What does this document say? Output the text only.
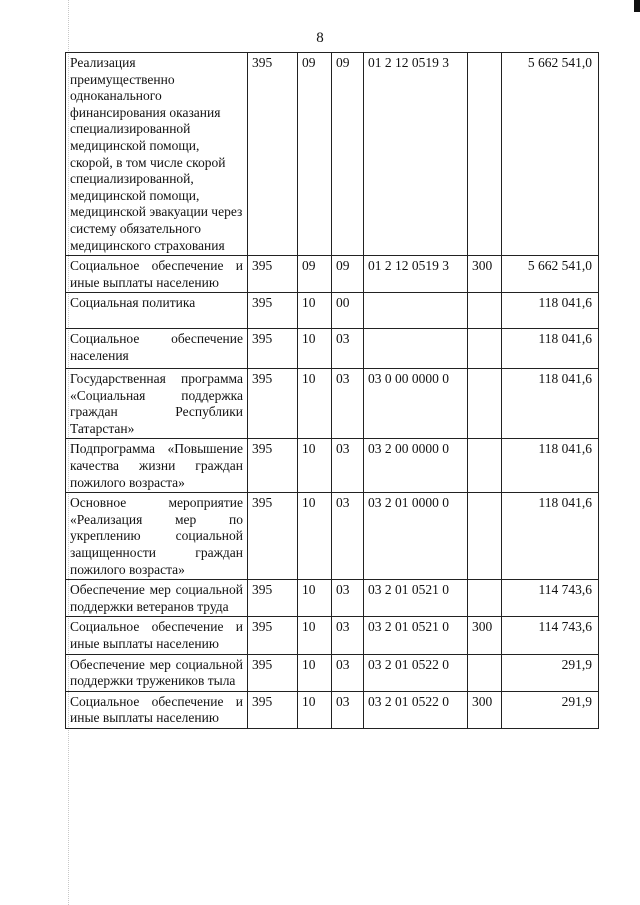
8
Реализация преимущественно одноканального финансирования оказания специализированной медицинской помощи, скорой, в том числе скорой специализированной, медицинской помощи, медицинской эвакуации через систему обязательного медицинского страхования	395	09	09	01 2 12 0519 3		5 662 541,0
Социальное обеспечение и иные выплаты населению	395	09	09	01 2 12 0519 3	300	5 662 541,0
Социальная политика	395	10	00			118 041,6
Социальное обеспечение населения	395	10	03			118 041,6
Государственная программа «Социальная поддержка граждан Республики Татарстан»	395	10	03	03 0 00 0000 0		118 041,6
Подпрограмма «Повышение качества жизни граждан пожилого возраста»	395	10	03	03 2 00 0000 0		118 041,6
Основное мероприятие «Реализация мер по укреплению социальной защищенности граждан пожилого возраста»	395	10	03	03 2 01 0000 0		118 041,6
Обеспечение мер социальной поддержки ветеранов труда	395	10	03	03 2 01 0521 0		114 743,6
Социальное обеспечение и иные выплаты населению	395	10	03	03 2 01 0521 0	300	114 743,6
Обеспечение мер социальной поддержки тружеников тыла	395	10	03	03 2 01 0522 0		291,9
Социальное обеспечение и иные выплаты населению	395	10	03	03 2 01 0522 0	300	291,9
